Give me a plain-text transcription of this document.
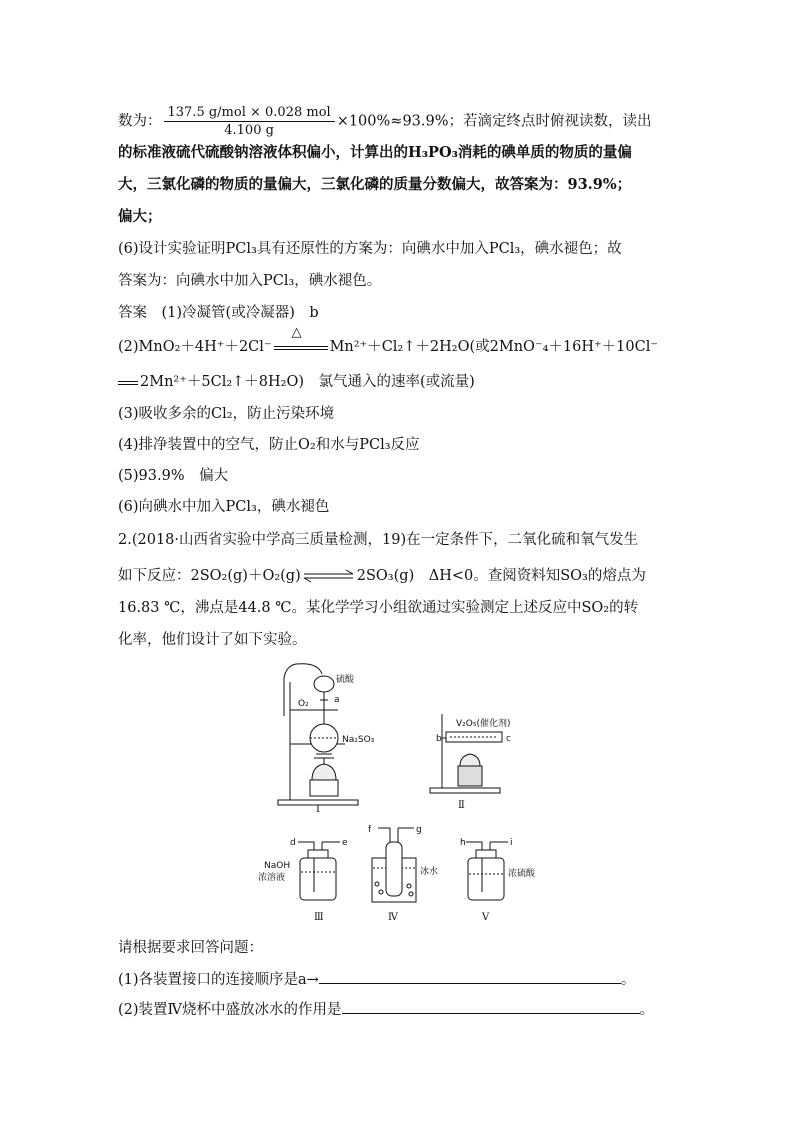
数为： $\frac{\text{137.5 g/mol × 0.028 mol}}{4.100 g} \times 100\%\approx 93.9\%$；若滴定终点时俯视读数，读出
的标准液硫代硫酸钠溶液体积偏小，计算出的H₃PO₃消耗的碘单质的物质的量偏
大，三氯化磷的物质的量偏大，三氯化磷的质量分数偏大，故答案为：93.9%；
偏大；
(6)设计实验证明PCl₃具有还原性的方案为：向碘水中加入PCl₃，碘水褪色；故
答案为：向碘水中加入PCl₃，碘水褪色。
答案　(1)冷凝管(或冷凝器)　b
(2)MnO₂＋4H⁺＋2Cl⁻
△
Mn²⁺＋Cl₂↑＋2H₂O(或2MnO⁻₄＋16H⁺＋10Cl⁻
2Mn²⁺＋5Cl₂↑＋8H₂O)　氯气通入的速率(或流量)
(3)吸收多余的Cl₂，防止污染环境
(4)排净装置中的空气，防止O₂和水与PCl₃反应
(5)93.9%　偏大
(6)向碘水中加入PCl₃，碘水褪色
2.(2018·山西省实验中学高三质量检测，19)在一定条件下，二氧化硫和氧气发生
如下反应：2SO₂(g)＋O₂(g)⇌2SO₃(g)　ΔH<0。查阅资料知SO₃的熔点为
16.83 ℃，沸点是44.8 ℃。某化学学习小组欲通过实验测定上述反应中SO₂的转
化率，他们设计了如下实验。
硫酸
a
O₂
Na₂SO₃
Ⅰ
V₂O₅(催化剂)
b	c
Ⅱ
d	e
NaOH
浓溶液
Ⅲ
f	g
冰水
Ⅳ
h	i
浓硫酸
Ⅴ
请根据要求回答问题：
(1)各装置接口的连接顺序是a→	。
(2)装置Ⅳ烧杯中盛放冰水的作用是	。
